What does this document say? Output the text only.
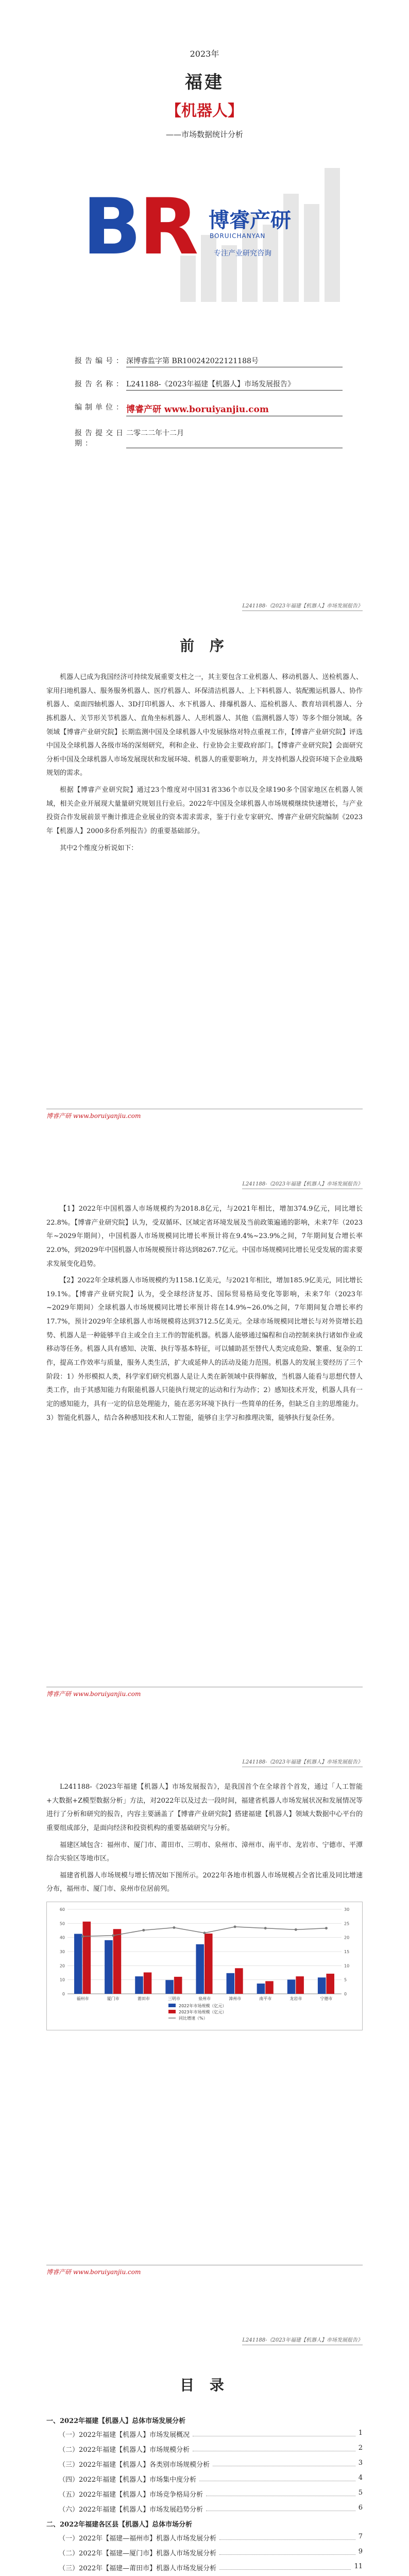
2023年
福建
【机器人】
——市场数据统计分析
B
R 博睿产研
BORUICHANYAN
专注产业研究咨询
报告编号： 深博睿监字第 BR100242022121188号
报告名称： L241188-《2023年福建【机器人】市场发展报告》
编制单位： 博睿产研 www.boruiyanjiu.com
报告提交日期：
二零二二年十二月
L241188-《2023年福建【机器人】市场发展报告》
前 序

机器人已成为我国经济可持续发展重要支柱之一，其主要包含工业机器人、移动机器人、送检机器人、家用扫地机器人、服务服务机器人、医疗机器人、环保清洁机器人、上下料机器人、装配搬运机器人、协作机器人、桌面四轴机器人、3D打印机器人、水下机器人、排爆机器人、巡检机器人、教育培训机器人、分拣机器人、关节形关节机器人、直角坐标机器人、人形机器人、其他（监测机器人等）等多个细分领域。各领域【博睿产业研究院】长期监测中国及全球机器人中发展脉络对特点重视工作，【博睿产业研究院】评选中国及全球机器人各级市场的深刻研究，利和企业、行业协会主要政府部门。【博睿产业研究院】会面研究分析中国及全球机器人市场发展现状和发展环境、机器人的重要影响力，并支持机器人投资环境下企业战略规划的需求。

根据【博睿产业研究院】通过23个维度对中国31省336个市以及全球190多个国家地区在机器人领域，相关企业开展现大量量研究规划且行业后。2022年中国及全球机器人市场规模继续快速增长，与产业投资合作发展前景平衡计推进企业展业的资本需求需求，鉴于行业专家研究、博睿产业研究院编制《2023年【机器人】2000多份系列报告》的重要基础部分。

其中2个维度分析说如下：

博睿产研 www.boruiyanjiu.com
L241188-《2023年福建【机器人】市场发展报告》

【1】2022年中国机器人市场规模约为2018.8亿元，与2021年相比，增加374.9亿元，同比增长22.8%。【博睿产业研究院】认为，受双循环、区域定省环境发展及当前政策遍通的影响，未来7年（2023年~2029年期间），中国机器人市场规模同比增长率预计将在9.4%~23.9%之间，7年期间复合增长率22.0%，到2029年中国机器人市场规模预计将达到8267.7亿元。中国市场规模同比增长见受发展的需求要求发展变化趋势。

【2】2022年全球机器人市场规模约为1158.1亿美元，与2021年相比，增加185.9亿美元，同比增长19.1%。【博睿产业研究院】认为，受全球经济复苏、国际贸易格局变化等影响，未来7年（2023年~2029年期间）全球机器人市场规模同比增长率预计将在14.9%~26.0%之间，7年期间复合增长率约17.7%，预计2029年全球机器人市场规模将达到3712.5亿美元。全球市场规模同比增长与对外资增长趋势、机器人是一种能够半自主或全自主工作的智能机器。机器人能够通过编程和自动控制来执行诸如作业或移动等任务。机器人具有感知、决策、执行等基本特征，可以辅助甚至替代人类完成危险、繁重、复杂的工作，提高工作效率与质量，服务人类生活，扩大或延伸人的活动及能力范围。机器人的发展主要经历了三个阶段：1）外形模拟人类，科学家们研究机器人是让人类在新领域中获得解放，当机器人能看与思想代替人类工作，由于其感知能力有限能机器人只能执行规定的运动和行为动作；2）感知技术开发，机器人具有一定的感知能力，具有一定的信息处理能力，能在恶劣环境下执行一些简单的任务，但缺乏自主的思维能力。3）智能化机器人，结合各种感知技术和人工智能，能够自主学习和推理决策，能够执行复杂任务。

博睿产研 www.boruiyanjiu.com
L241188-《2023年福建【机器人】市场发展报告》

L241188-《2023年福建【机器人】市场发展报告》，是我国首个在全球首个首发，通过「人工智能+大数据+Z模型数据分析」方法，对2022年以及过去一段时间，福建省机器人市场发展状况和发展情况等进行了分析和研究的报告，内容主要涵盖了【博睿产业研究院】搭建福建【机器人】领域大数据中心平台的重要组成部分，是面向经济和投资机构的重要基础研究与分析。

福建区域包含：福州市、厦门市、莆田市、三明市、泉州市、漳州市、南平市、龙岩市、宁德市、平潭综合实验区等地市区。

福建省机器人市场规模与增长情况如下图所示。2022年各地市机器人市场规模占全省比重及同比增速分布，福州市、厦门市、泉州市位居前列。

0	0
10	5
20	10
30	15
40	20
50	25
60	30
福州市	厦门市	莆田市	三明市	泉州市	漳州市	南平市	龙岩市	宁德市
2022年市场规模（亿元）
2023年市场规模（亿元）
同比增速（%）
博睿产研 www.boruiyanjiu.com
L241188-《2023年福建【机器人】市场发展报告》
目 录
一、2022年福建【机器人】总体市场发展分析
（一）2022年福建【机器人】市场发展概况	1
（二）2022年福建【机器人】市场规模分析	2
（三）2022年福建【机器人】各类别市场规模分析	3
（四）2022年福建【机器人】市场集中度分析	4
（五）2022年福建【机器人】市场竞争格局分析	5
（六）2022年福建【机器人】市场发展趋势分析	6
二、2022年福建各区县【机器人】总体市场分析
（一）2022年【福建—福州市】机器人市场发展分析	7
（二）2022年【福建—厦门市】机器人市场发展分析	9
（三）2022年【福建—莆田市】机器人市场发展分析	11
